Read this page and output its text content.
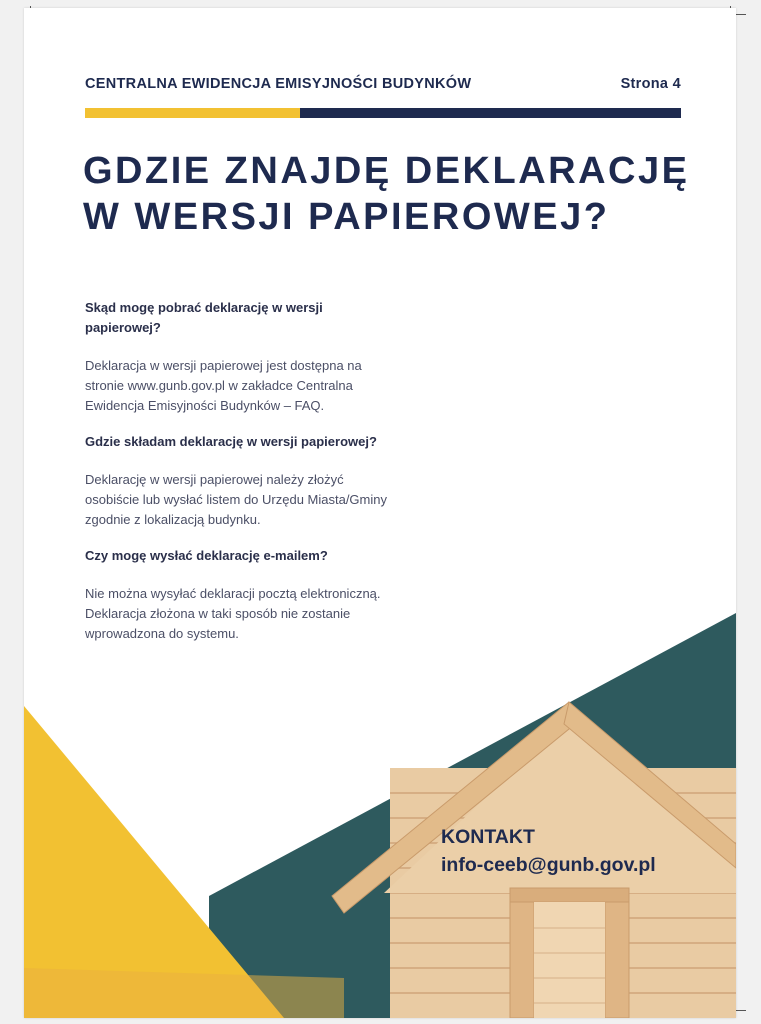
CENTRALNA EWIDENCJA EMISYJNOŚCI BUDYNKÓW	Strona 4
GDZIE ZNAJDĘ DEKLARACJĘ
W WERSJI PAPIEROWEJ?

Skąd mogę pobrać deklarację w wersji papierowej?

Deklaracja w wersji papierowej jest dostępna na stronie www.gunb.gov.pl w zakładce Centralna Ewidencja Emisyjności Budynków – FAQ.

Gdzie składam deklarację w wersji papierowej?

Deklarację w wersji papierowej należy złożyć osobiście lub wysłać listem do Urzędu Miasta/Gminy zgodnie z lokalizacją budynku.

Czy mogę wysłać deklarację e-mailem?

Nie można wysyłać deklaracji pocztą elektroniczną. Deklaracja złożona w taki sposób nie zostanie wprowadzona do systemu.

KONTAKT
info-ceeb@gunb.gov.pl
